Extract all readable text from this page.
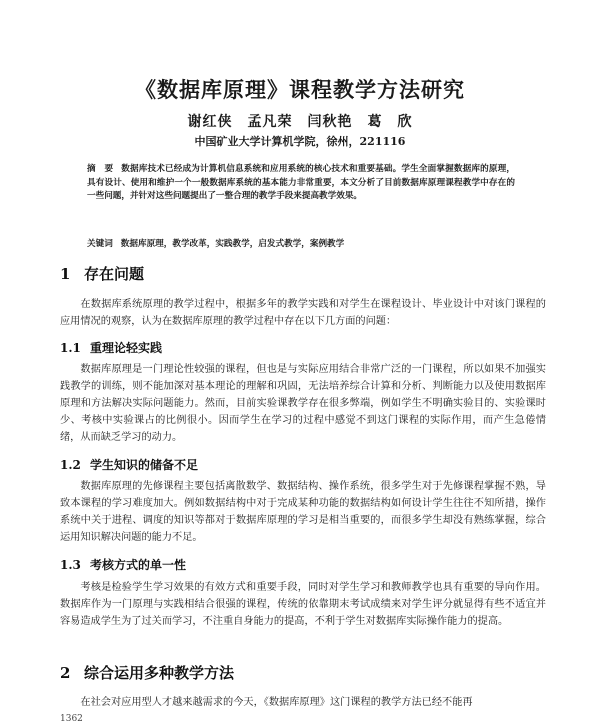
《数据库原理》课程教学方法研究
谢红侠　孟凡荣　闫秋艳　葛　欣
中国矿业大学计算机学院，徐州，221116
摘　要 数据库技术已经成为计算机信息系统和应用系统的核心技术和重要基础。学生全面掌握数据库的原理，具有设计、使用和维护一个一般数据库系统的基本能力非常重要，本文分析了目前数据库原理课程教学中存在的一些问题，并针对这些问题提出了一整合理的教学手段来提高教学效果。
关键词 数据库原理，教学改革，实践教学，启发式教学，案例教学
1 存在问题
在数据库系统原理的教学过程中，根据多年的教学实践和对学生在课程设计、毕业设计中对该门课程的应用情况的观察，认为在数据库原理的教学过程中存在以下几方面的问题：
1.1 重理论轻实践
数据库原理是一门理论性较强的课程，但也是与实际应用结合非常广泛的一门课程，所以如果不加强实践教学的训练，则不能加深对基本理论的理解和巩固，无法培养综合计算和分析、判断能力以及使用数据库原理和方法解决实际问题能力。然而，目前实验课教学存在很多弊端，例如学生不明确实验目的、实验课时少、考核中实验课占的比例很小。因而学生在学习的过程中感觉不到这门课程的实际作用，而产生急倦情绪，从而缺乏学习的动力。
1.2 学生知识的储备不足
数据库原理的先修课程主要包括离散数学、数据结构、操作系统，很多学生对于先修课程掌握不熟，导致本课程的学习难度加大。例如数据结构中对于完成某种功能的数据结构如何设计学生往往不知所措，操作系统中关于进程、调度的知识等都对于数据库原理的学习是相当重要的，而很多学生却没有熟练掌握，综合运用知识解决问题的能力不足。
1.3 考核方式的单一性
考核是检验学生学习效果的有效方式和重要手段，同时对学生学习和教师教学也具有重要的导向作用。数据库作为一门原理与实践相结合很强的课程，传统的依靠期末考试成绩来对学生评分就显得有些不适宜并容易造成学生为了过关而学习，不注重自身能力的提高，不利于学生对数据库实际操作能力的提高。
2 综合运用多种教学方法
在社会对应用型人才越来越需求的今天，《数据库原理》这门课程的教学方法已经不能再
1362
